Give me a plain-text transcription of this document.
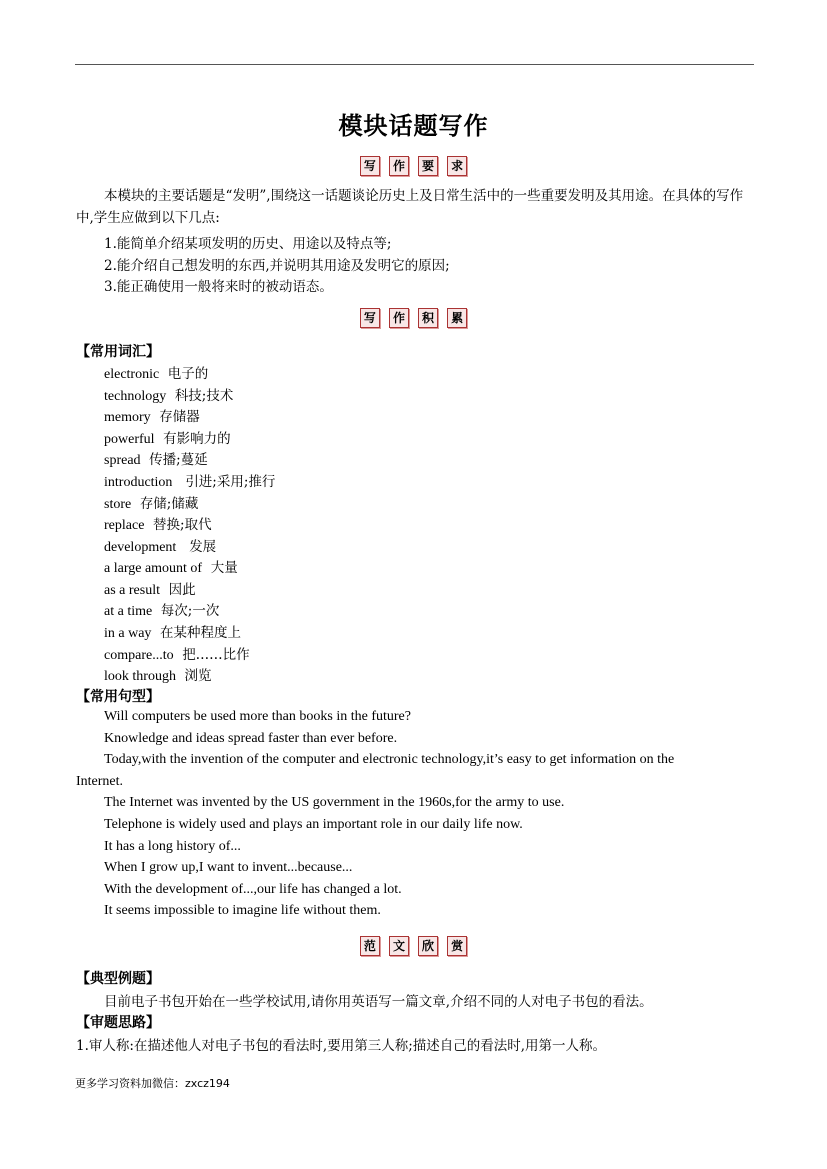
模块话题写作
写 作 要 求
本模块的主要话题是“发明”,围绕这一话题谈论历史上及日常生活中的一些重要发明及其用途。在具体的写作中,学生应做到以下几点:
1.能简单介绍某项发明的历史、用途以及特点等;
2.能介绍自己想发明的东西,并说明其用途及发明它的原因;
3.能正确使用一般将来时的被动语态。
写 作 积 累
【常用词汇】
electronic 电子的
technology 科技;技术
memory 存储器
powerful 有影响力的
spread 传播;蔓延
introduction 引进;采用;推行
store 存储;储藏
replace 替换;取代
development 发展
a large amount of 大量
as a result 因此
at a time 每次;一次
in a way 在某种程度上
compare...to 把……比作
look through 浏览
【常用句型】
Will computers be used more than books in the future?
Knowledge and ideas spread faster than ever before.
Today,with the invention of the computer and electronic technology,it’s easy to get information on the
Internet.
The Internet was invented by the US government in the 1960s,for the army to use.
Telephone is widely used and plays an important role in our daily life now.
It has a long history of...
When I grow up,I want to invent...because...
With the development of...,our life has changed a lot.
It seems impossible to imagine life without them.
范 文 欣 赏
【典型例题】
目前电子书包开始在一些学校试用,请你用英语写一篇文章,介绍不同的人对电子书包的看法。
【审题思路】
1.审人称:在描述他人对电子书包的看法时,要用第三人称;描述自己的看法时,用第一人称。
更多学习资料加微信：zxcz194
